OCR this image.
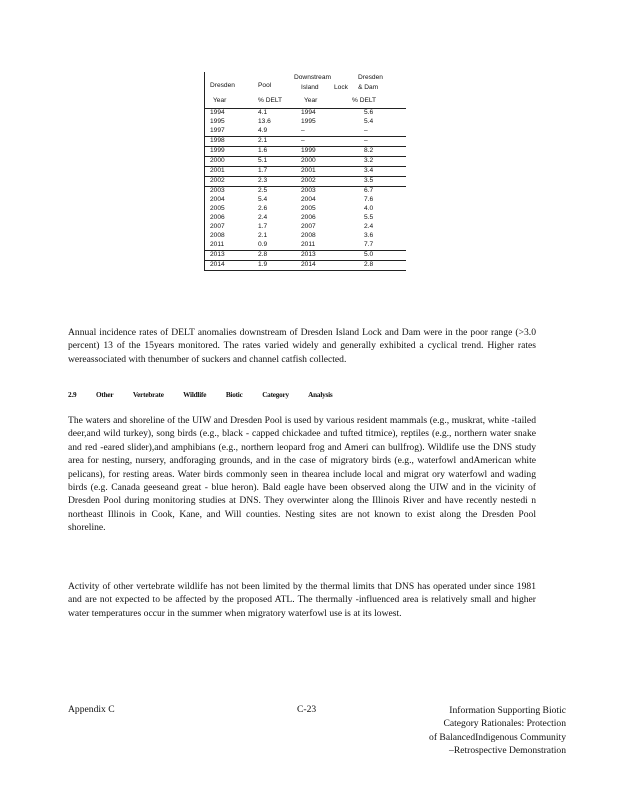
Dresden	Pool
Downstream	Dresden
Island Lock & Dam
Year	% DELT	Year	% DELT
1994	4.1	1994	5.6
1995	13.6	1995	5.4
1997	4.9	–	–
1998	2.1	–	–
1999	1.6	1999	8.2
2000	5.1	2000	3.2
2001	1.7	2001	3.4
2002	2.3	2002	3.5
2003	2.5	2003	6.7
2004	5.4	2004	7.6
2005	2.6	2005	4.0
2006	2.4	2006	5.5
2007	1.7	2007	2.4
2008	2.1	2008	3.6
2011	0.9	2011	7.7
2013	2.8	2013	5.0
2014	1.9	2014	2.8
Annual incidence rates of DELT anomalies downstream of Dresden Island Lock and Dam were in the poor range (>3.0 percent) 13 of the 15years monitored. The rates varied widely and generally exhibited a cyclical trend. Higher rates wereassociated with thenumber of suckers and channel catfish collected.
2.9	Other	Vertebrate	Wildlife	Biotic	Category	Analysis
The waters and shoreline of the UIW and Dresden Pool is used by various resident mammals (e.g., muskrat, white -tailed deer,and wild turkey), song birds (e.g., black - capped chickadee and tufted titmice), reptiles (e.g., northern water snake and red -eared slider),and amphibians (e.g., northern leopard frog and Ameri can bullfrog). Wildlife use the DNS study area for nesting, nursery, andforaging grounds, and in the case of migratory birds (e.g., waterfowl andAmerican white pelicans), for resting areas. Water birds commonly seen in thearea include local and migrat ory waterfowl and wading birds (e.g. Canada geeseand great - blue heron). Bald eagle have been observed along the UIW and in the vicinity of Dresden Pool during monitoring studies at DNS. They overwinter along the Illinois River and have recently nestedi n northeast Illinois in Cook, Kane, and Will counties. Nesting sites are not known to exist along the Dresden Pool shoreline.
Activity of other vertebrate wildlife has not been limited by the thermal limits that DNS has operated under since 1981 and are not expected to be affected by the proposed ATL. The thermally -influenced area is relatively small and higher water temperatures occur in the summer when migratory waterfowl use is at its lowest.
Appendix C	C-23	Information Supporting Biotic
Category Rationales: Protection
of BalancedIndigenous Community
–Retrospective Demonstration
